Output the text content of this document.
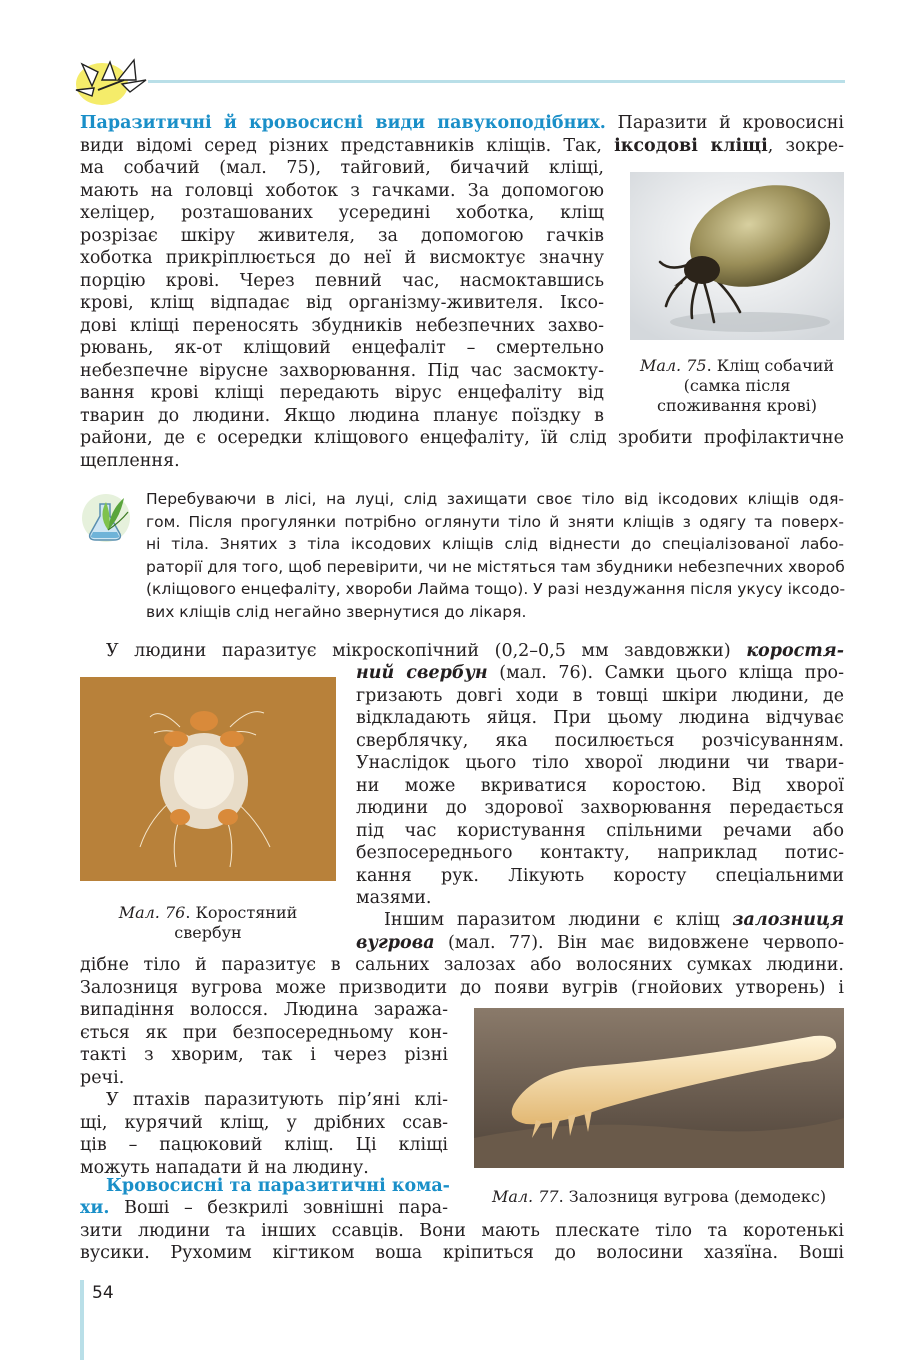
Паразитичні й кровосисні види павукоподібних. Паразити й кровосисні
види відомі серед різних представників кліщів. Так, іксодові кліщі, зокре-
ма собачий (мал. 75), тайговий, бичачий кліщі,
мають на головці хоботок з гачками. За допомогою
хеліцер, розташованих усередині хоботка, кліщ
розрізає шкіру живителя, за допомогою гачків
хоботка прикріплюється до неї й висмоктує значну
порцію крові. Через певний час, насмоктавшись
крові, кліщ відпадає від організму-живителя. Іксо-
дові кліщі переносять збудників небезпечних захво-
рювань, як-от кліщовий енцефаліт – смертельно
небезпечне вірусне захворювання. Під час засмокту-
вання крові кліщі передають вірус енцефаліту від
тварин до людини. Якщо людина планує поїздку в
райони, де є осередки кліщового енцефаліту, їй слід зробити профілактичне
щеплення.
Мал. 75. Кліщ собачий
(самка після
споживання крові)
Перебуваючи в лісі, на луці, слід захищати своє тіло від іксодових кліщів одя-
гом. Після прогулянки потрібно оглянути тіло й зняти кліщів з одягу та поверх-
ні тіла. Знятих з тіла іксодових кліщів слід віднести до спеціалізованої лабо-
раторії для того, щоб перевірити, чи не містяться там збудники небезпечних хвороб
(кліщового енцефаліту, хвороби Лайма тощо). У разі нездужання після укусу іксодо-
вих кліщів слід негайно звернутися до лікаря.
У людини паразитує мікроскопічний (0,2–0,5 мм завдовжки) коростя-
ний свербун (мал. 76). Самки цього кліща про-
гризають довгі ходи в товщі шкіри людини, де
відкладають яйця. При цьому людина відчуває
сверблячку, яка посилюється розчісуванням.
Унаслідок цього тіло хворої людини чи твари-
ни може вкриватися коростою. Від хворої
людини до здорової захворювання передається
під час користування спільними речами або
безпосереднього контакту, наприклад потис-
кання рук. Лікують коросту спеціальними
мазями.
Іншим паразитом людини є кліщ залозниця
вугрова (мал. 77). Він має видовжене червопо-
дібне тіло й паразитує в сальних залозах або волосяних сумках людини.
Залозниця вугрова може призводити до появи вугрів (гнойових утворень) і
випадіння волосся. Людина заража-
ється як при безпосередньому кон-
такті з хворим, так і через різні
речі.
У птахів паразитують пір’яні клі-
щі, курячий кліщ, у дрібних ссав-
ців – пацюковий кліщ. Ці кліщі
можуть нападати й на людину.
Мал. 76. Коростяний
свербун
Мал. 77. Залозниця вугрова (демодекс)
Кровосисні та паразитичні кома-
хи. Воші – безкрилі зовнішні пара-
зити людини та інших ссавців. Вони мають плескате тіло та коротенькі
вусики. Рухомим кігтиком воша кріпиться до волосини хазяїна. Воші
54
